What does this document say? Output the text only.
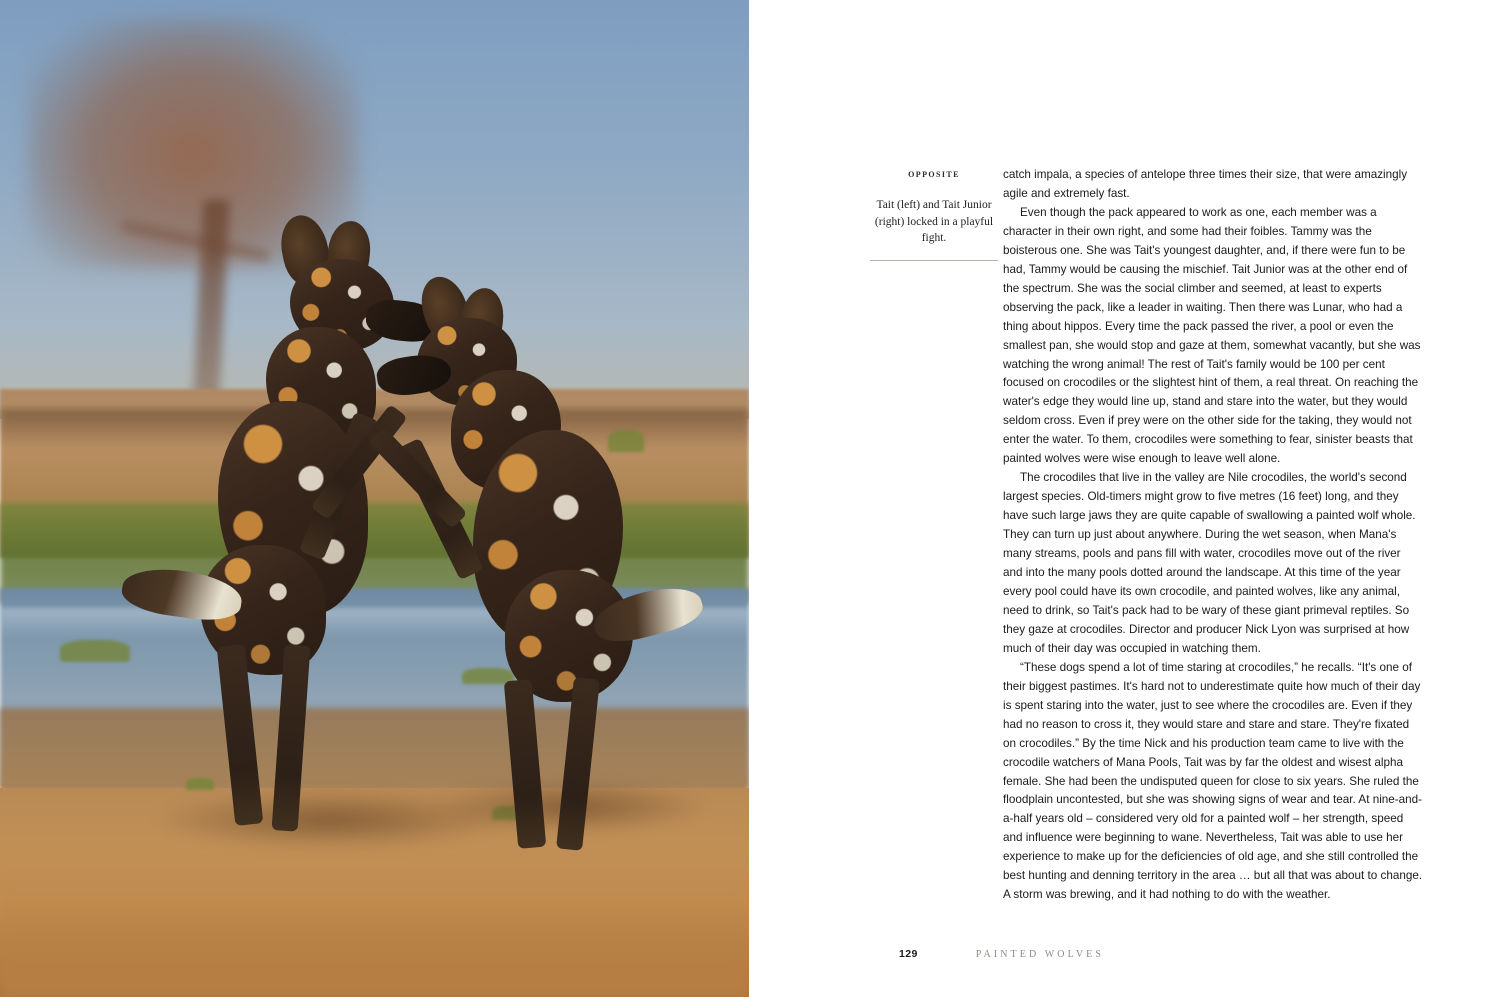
OPPOSITE
Tait (left) and Tait Junior (right) locked in a playful fight.

catch impala, a species of antelope three times their size, that were amazingly agile and extremely fast.

Even though the pack appeared to work as one, each member was a character in their own right, and some had their foibles. Tammy was the boisterous one. She was Tait's youngest daughter, and, if there were fun to be had, Tammy would be causing the mischief. Tait Junior was at the other end of the spectrum. She was the social climber and seemed, at least to experts observing the pack, like a leader in waiting. Then there was Lunar, who had a thing about hippos. Every time the pack passed the river, a pool or even the smallest pan, she would stop and gaze at them, somewhat vacantly, but she was watching the wrong animal! The rest of Tait's family would be 100 per cent focused on crocodiles or the slightest hint of them, a real threat. On reaching the water's edge they would line up, stand and stare into the water, but they would seldom cross. Even if prey were on the other side for the taking, they would not enter the water. To them, crocodiles were something to fear, sinister beasts that painted wolves were wise enough to leave well alone.

The crocodiles that live in the valley are Nile crocodiles, the world's second largest species. Old-timers might grow to five metres (16 feet) long, and they have such large jaws they are quite capable of swallowing a painted wolf whole. They can turn up just about anywhere. During the wet season, when Mana's many streams, pools and pans fill with water, crocodiles move out of the river and into the many pools dotted around the landscape. At this time of the year every pool could have its own crocodile, and painted wolves, like any animal, need to drink, so Tait's pack had to be wary of these giant primeval reptiles. So they gaze at crocodiles. Director and producer Nick Lyon was surprised at how much of their day was occupied in watching them.

“These dogs spend a lot of time staring at crocodiles,” he recalls. “It's one of their biggest pastimes. It's hard not to underestimate quite how much of their day is spent staring into the water, just to see where the crocodiles are. Even if they had no reason to cross it, they would stare and stare and stare. They're fixated on crocodiles.” By the time Nick and his production team came to live with the crocodile watchers of Mana Pools, Tait was by far the oldest and wisest alpha female. She had been the undisputed queen for close to six years. She ruled the floodplain uncontested, but she was showing signs of wear and tear. At nine-and-a-half years old – considered very old for a painted wolf – her strength, speed and influence were beginning to wane. Nevertheless, Tait was able to use her experience to make up for the deficiencies of old age, and she still controlled the best hunting and denning territory in the area … but all that was about to change. A storm was brewing, and it had nothing to do with the weather.

129	PAINTED WOLVES
